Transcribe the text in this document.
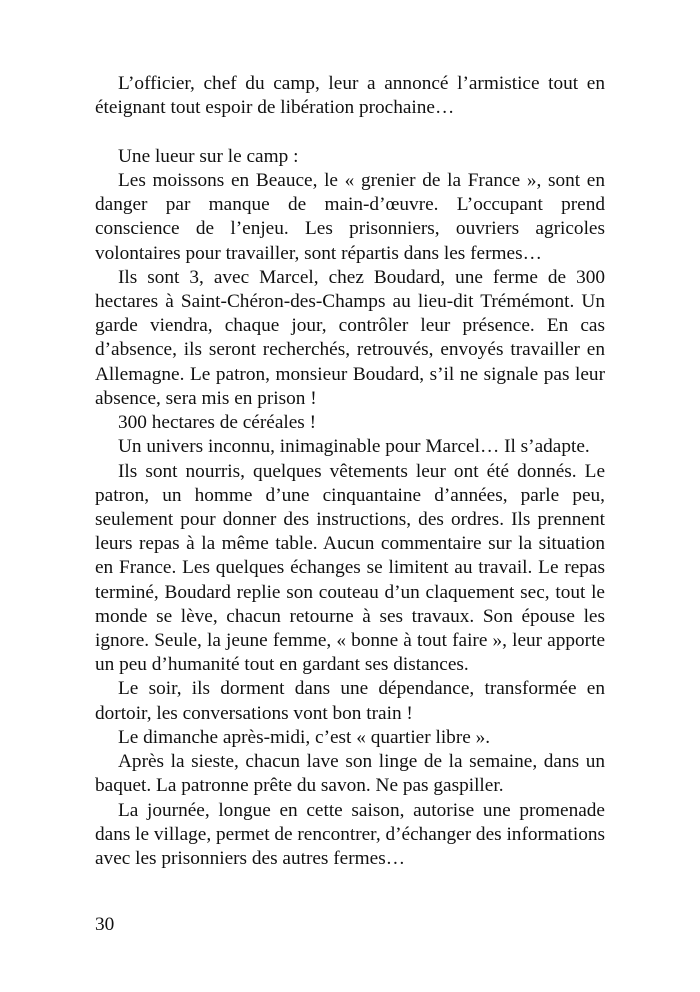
L’officier, chef du camp, leur a annoncé l’armistice tout en éteignant tout espoir de libération prochaine…

Une lueur sur le camp :

Les moissons en Beauce, le « grenier de la France », sont en danger par manque de main-d’œuvre. L’occupant prend conscience de l’enjeu. Les prisonniers, ouvriers agricoles volontaires pour travailler, sont répartis dans les fermes…

Ils sont 3, avec Marcel, chez Boudard, une ferme de 300 hectares à Saint-Chéron-des-Champs au lieu-dit Trémémont. Un garde viendra, chaque jour, contrôler leur présence. En cas d’absence, ils seront recherchés, retrouvés, envoyés travailler en Allemagne. Le patron, monsieur Boudard, s’il ne signale pas leur absence, sera mis en prison !

300 hectares de céréales !

Un univers inconnu, inimaginable pour Marcel… Il s’adapte.

Ils sont nourris, quelques vêtements leur ont été donnés. Le patron, un homme d’une cinquantaine d’années, parle peu, seulement pour donner des instructions, des ordres. Ils prennent leurs repas à la même table. Aucun commentaire sur la situation en France. Les quelques échanges se limitent au travail. Le repas terminé, Boudard replie son couteau d’un claquement sec, tout le monde se lève, chacun retourne à ses travaux. Son épouse les ignore. Seule, la jeune femme, « bonne à tout faire », leur apporte un peu d’humanité tout en gardant ses distances.

Le soir, ils dorment dans une dépendance, transformée en dortoir, les conversations vont bon train !

Le dimanche après-midi, c’est « quartier libre ».

Après la sieste, chacun lave son linge de la semaine, dans un baquet. La patronne prête du savon. Ne pas gaspiller.

La journée, longue en cette saison, autorise une promenade dans le village, permet de rencontrer, d’échanger des informations avec les prisonniers des autres fermes…

30
